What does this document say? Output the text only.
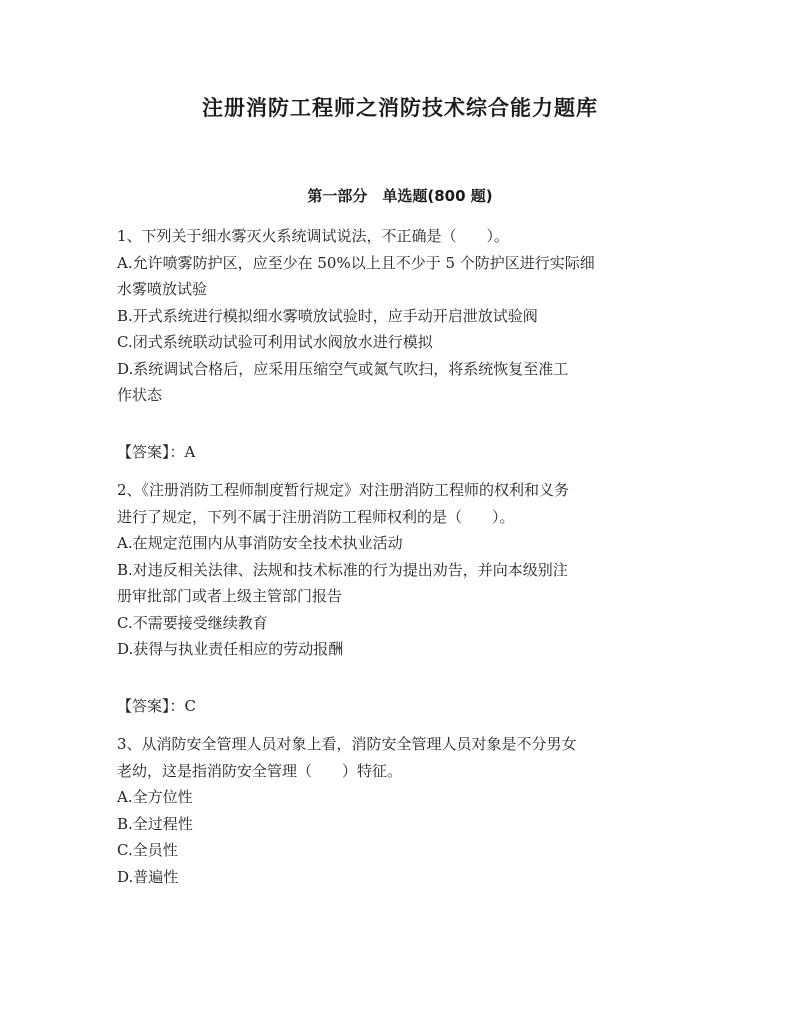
注册消防工程师之消防技术综合能力题库
第一部分　单选题(800 题)
1、下列关于细水雾灭火系统调试说法，不正确是（　　）。
A.允许喷雾防护区，应至少在 50%以上且不少于 5 个防护区进行实际细
水雾喷放试验
B.开式系统进行模拟细水雾喷放试验时，应手动开启泄放试验阀
C.闭式系统联动试验可利用试水阀放水进行模拟
D.系统调试合格后，应采用压缩空气或氮气吹扫，将系统恢复至准工
作状态
【答案】：A
2、《注册消防工程师制度暂行规定》对注册消防工程师的权利和义务
进行了规定，下列不属于注册消防工程师权利的是（　　）。
A.在规定范围内从事消防安全技术执业活动
B.对违反相关法律、法规和技术标准的行为提出劝告，并向本级别注
册审批部门或者上级主管部门报告
C.不需要接受继续教育
D.获得与执业责任相应的劳动报酬
【答案】：C
3、从消防安全管理人员对象上看，消防安全管理人员对象是不分男女
老幼，这是指消防安全管理（　　）特征。
A.全方位性
B.全过程性
C.全员性
D.普遍性
